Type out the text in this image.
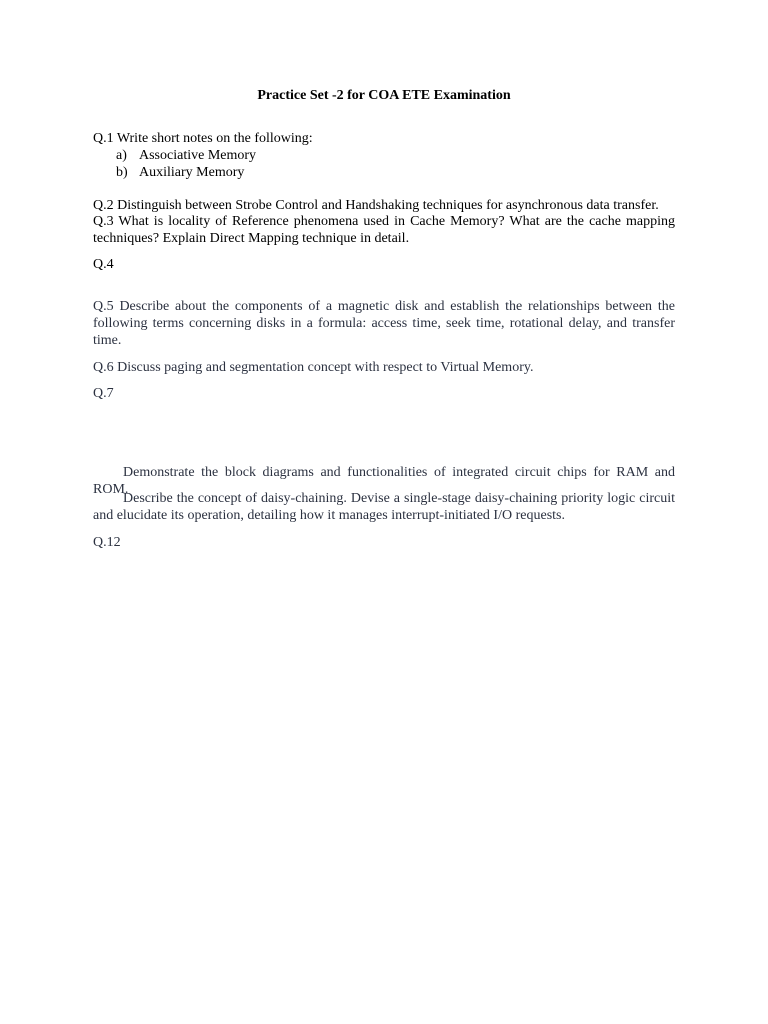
Practice Set -2 for COA ETE Examination
Q.1 Write short notes on the following:
a) Associative Memory
b) Auxiliary Memory
Q.2 Distinguish between Strobe Control and Handshaking techniques for asynchronous data transfer.
Q.3 What is locality of Reference phenomena used in Cache Memory? What are the cache mapping techniques? Explain Direct Mapping technique in detail.
Q.4
Q.5 Describe about the components of a magnetic disk and establish the relationships between the following terms concerning disks in a formula: access time, seek time, rotational delay, and transfer time.
Q.6 Discuss paging and segmentation concept with respect to Virtual Memory.
Q.7
Demonstrate the block diagrams and functionalities of integrated circuit chips for RAM and ROM.
Describe the concept of daisy-chaining. Devise a single-stage daisy-chaining priority logic circuit and elucidate its operation, detailing how it manages interrupt-initiated I/O requests.
Q.12
